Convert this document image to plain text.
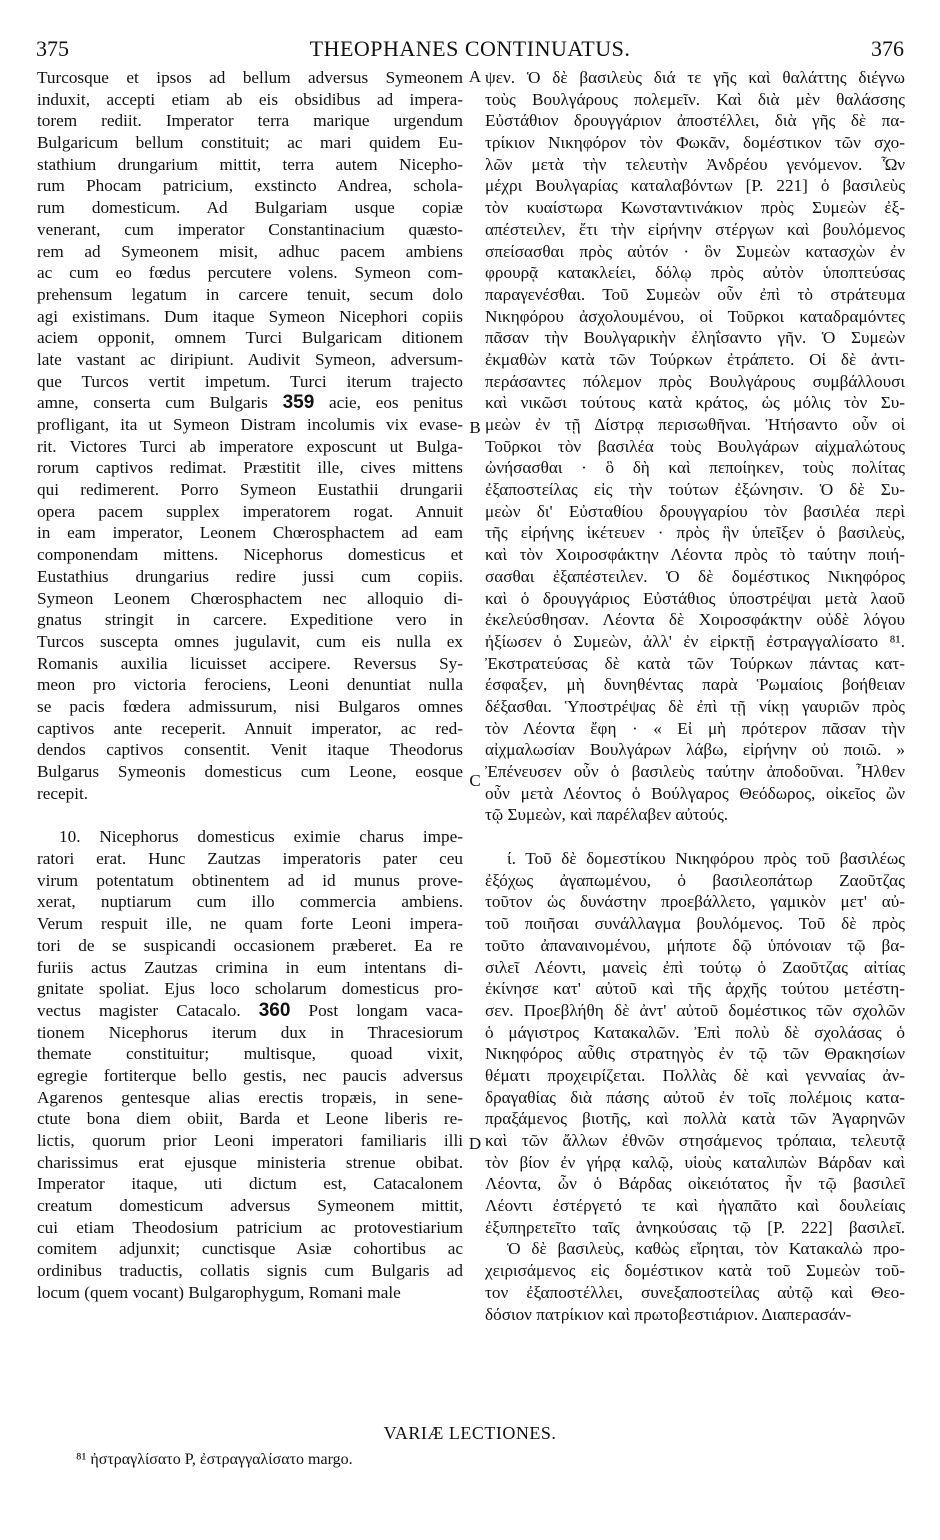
375	THEOPHANES CONTINUATUS.	376
Turcosque et ipsos ad bellum adversus Symeonem
induxit, accepti etiam ab eis obsidibus ad impera-
torem rediit. Imperator terra marique urgendum
Bulgaricum bellum constituit; ac mari quidem Eu-
stathium drungarium mittit, terra autem Nicepho-
rum Phocam patricium, exstincto Andrea, schola-
rum domesticum. Ad Bulgariam usque copiæ
venerant, cum imperator Constantinacium quæsto-
rem ad Symeonem misit, adhuc pacem ambiens
ac cum eo fœdus percutere volens. Symeon com-
prehensum legatum in carcere tenuit, secum dolo
agi existimans. Dum itaque Symeon Nicephori copiis
aciem opponit, omnem Turci Bulgaricam ditionem
late vastant ac diripiunt. Audivit Symeon, adversum-
que Turcos vertit impetum. Turci iterum trajecto
amne, conserta cum Bulgaris 359 acie, eos penitus
profligant, ita ut Symeon Distram incolumis vix evase-
rit. Victores Turci ab imperatore exposcunt ut Bulga-
rorum captivos redimat. Præstitit ille, cives mittens
qui redimerent. Porro Symeon Eustathii drungarii
opera pacem supplex imperatorem rogat. Annuit
in eam imperator, Leonem Chœrosphactem ad eam
componendam mittens. Nicephorus domesticus et
Eustathius drungarius redire jussi cum copiis.
Symeon Leonem Chœrosphactem nec alloquio di-
gnatus stringit in carcere. Expeditione vero in
Turcos suscepta omnes jugulavit, cum eis nulla ex
Romanis auxilia licuisset accipere. Reversus Sy-
meon pro victoria ferociens, Leoni denuntiat nulla
se pacis fœdera admissurum, nisi Bulgaros omnes
captivos ante receperit. Annuit imperator, ac red-
dendos captivos consentit. Venit itaque Theodorus
Bulgarus Symeonis domesticus cum Leone, eosque
recepit.
10. Nicephorus domesticus eximie charus impe-
ratori erat. Hunc Zautzas imperatoris pater ceu
virum potentatum obtinentem ad id munus prove-
xerat, nuptiarum cum illo commercia ambiens.
Verum respuit ille, ne quam forte Leoni impera-
tori de se suspicandi occasionem præberet. Ea re
furiis actus Zautzas crimina in eum intentans di-
gnitate spoliat. Ejus loco scholarum domesticus pro-
vectus magister Catacalo. 360 Post longam vaca-
tionem Nicephorus iterum dux in Thracesiorum
themate constituitur; multisque, quoad vixit,
egregie fortiterque bello gestis, nec paucis adversus
Agarenos gentesque alias erectis tropæis, in sene-
ctute bona diem obiit, Barda et Leone liberis re-
lictis, quorum prior Leoni imperatori familiaris illi
charissimus erat ejusque ministeria strenue obibat.
Imperator itaque, uti dictum est, Catacalonem
creatum domesticum adversus Symeonem mittit,
cui etiam Theodosium patricium ac protovestiarium
comitem adjunxit; cunctisque Asiæ cohortibus ac
ordinibus traductis, collatis signis cum Bulgaris ad
locum (quem vocant) Bulgarophygum, Romani male
ψεν. Ὁ δὲ βασιλεὺς διά τε γῆς καὶ θαλάττης διέγνω
τοὺς Βουλγάρους πολεμεῖν. Καὶ διὰ μὲν θαλάσσης
Εὐστάθιον δρουγγάριον ἀποστέλλει, διὰ γῆς δὲ πα-
τρίκιον Νικηφόρον τὸν Φωκᾶν, δομέστικον τῶν σχο-
λῶν μετὰ τὴν τελευτὴν Ἀνδρέου γενόμενον. Ὧν
μέχρι Βουλγαρίας καταλαβόντων [P. 221] ὁ βασιλεὺς
τὸν κυαίστωρα Κωνσταντινάκιον πρὸς Συμεὼν ἐξ-
απέστειλεν, ἔτι τὴν εἰρήνην στέργων καὶ βουλόμενος
σπείσασθαι πρὸς αὐτόν · ὃν Συμεὼν κατασχὼν ἐν
φρουρᾷ κατακλείει, δόλῳ πρὸς αὐτὸν ὑποπτεύσας
παραγενέσθαι. Τοῦ Συμεὼν οὖν ἐπὶ τὸ στράτευμα
Νικηφόρου ἀσχολουμένου, οἱ Τοῦρκοι καταδραμόντες
πᾶσαν τὴν Βουλγαρικὴν ἐληΐσαντο γῆν. Ὁ Συμεὼν
ἐκμαθὼν κατὰ τῶν Τούρκων ἐτράπετο. Οἱ δὲ ἀντι-
περάσαντες πόλεμον πρὸς Βουλγάρους συμβάλλουσι
καὶ νικῶσι τούτους κατὰ κράτος, ὡς μόλις τὸν Συ-
μεὼν ἐν τῇ Δίστρᾳ περισωθῆναι. Ἠτήσαντο οὖν οἱ
Τοῦρκοι τὸν βασιλέα τοὺς Βουλγάρων αἰχμαλώτους
ὠνήσασθαι · ὃ δὴ καὶ πεποίηκεν, τοὺς πολίτας
ἐξαποστείλας εἰς τὴν τούτων ἐξώνησιν. Ὁ δὲ Συ-
μεὼν δι' Εὐσταθίου δρουγγαρίου τὸν βασιλέα περὶ
τῆς εἰρήνης ἱκέτευεν · πρὸς ἣν ὑπεῖξεν ὁ βασιλεὺς,
καὶ τὸν Χοιροσφάκτην Λέοντα πρὸς τὸ ταύτην ποιή-
σασθαι ἐξαπέστειλεν. Ὁ δὲ δομέστικος Νικηφόρος
καὶ ὁ δρουγγάριος Εὐστάθιος ὑποστρέψαι μετὰ λαοῦ
ἐκελεύσθησαν. Λέοντα δὲ Χοιροσφάκτην οὐδὲ λόγου
ἠξίωσεν ὁ Συμεὼν, ἀλλ' ἐν εἱρκτῇ ἐστραγγαλίσατο ⁸¹.
Ἐκστρατεύσας δὲ κατὰ τῶν Τούρκων πάντας κατ-
έσφαξεν, μὴ δυνηθέντας παρὰ Ῥωμαίοις βοήθειαν
δέξασθαι. Ὑποστρέψας δὲ ἐπὶ τῇ νίκῃ γαυριῶν πρὸς
τὸν Λέοντα ἔφη · « Εἰ μὴ πρότερον πᾶσαν τὴν
αἰχμαλωσίαν Βουλγάρων λάβω, εἰρήνην οὐ ποιῶ. »
Ἐπένευσεν οὖν ὁ βασιλεὺς ταύτην ἀποδοῦναι. Ἦλθεν
οὖν μετὰ Λέοντος ὁ Βούλγαρος Θεόδωρος, οἰκεῖος ὢν
τῷ Συμεὼν, καὶ παρέλαβεν αὐτούς.
ί. Τοῦ δὲ δομεστίκου Νικηφόρου πρὸς τοῦ βασιλέως
ἐξόχως ἀγαπωμένου, ὁ βασιλεοπάτωρ Ζαοῦτζας
τοῦτον ὡς δυνάστην προεβάλλετο, γαμικὸν μετ' αὐ-
τοῦ ποιῆσαι συνάλλαγμα βουλόμενος. Τοῦ δὲ πρὸς
τοῦτο ἀπαναινομένου, μήποτε δῷ ὑπόνοιαν τῷ βα-
σιλεῖ Λέοντι, μανεὶς ἐπὶ τούτῳ ὁ Ζαοῦτζας αἰτίας
ἐκίνησε κατ' αὐτοῦ καὶ τῆς ἀρχῆς τούτου μετέστη-
σεν. Προεβλήθη δὲ ἀντ' αὐτοῦ δομέστικος τῶν σχολῶν
ὁ μάγιστρος Κατακαλῶν. Ἐπὶ πολὺ δὲ σχολάσας ὁ
Νικηφόρος αὖθις στρατηγὸς ἐν τῷ τῶν Θρακησίων
θέματι προχειρίζεται. Πολλὰς δὲ καὶ γενναίας ἀν-
δραγαθίας διὰ πάσης αὐτοῦ ἐν τοῖς πολέμοις κατα-
πραξάμενος βιοτῆς, καὶ πολλὰ κατὰ τῶν Ἀγαρηνῶν
καὶ τῶν ἄλλων ἐθνῶν στησάμενος τρόπαια, τελευτᾷ
τὸν βίον ἐν γήρᾳ καλῷ, υἱοὺς καταλιπὼν Βάρδαν καὶ
Λέοντα, ὧν ὁ Βάρδας οἰκειότατος ἦν τῷ βασιλεῖ
Λέοντι ἐστέργετό τε καὶ ἠγαπᾶτο καὶ δουλείαις
ἐξυπηρετεῖτο ταῖς ἀνηκούσαις τῷ [P. 222] βασιλεῖ.
Ὁ δὲ βασιλεὺς, καθὼς εἴρηται, τὸν Κατακαλὼ προ-
χειρισάμενος εἰς δομέστικον κατὰ τοῦ Συμεὼν τοῦ-
τον ἐξαποστέλλει, συνεξαποστείλας αὐτῷ καὶ Θεο-
δόσιον πατρίκιον καὶ πρωτοβεστιάριον. Διαπερασάν-
A
B
C
D
VARIÆ LECTIONES.
⁸¹ ἠστραγλίσατο P, ἐστραγγαλίσατο margo.
